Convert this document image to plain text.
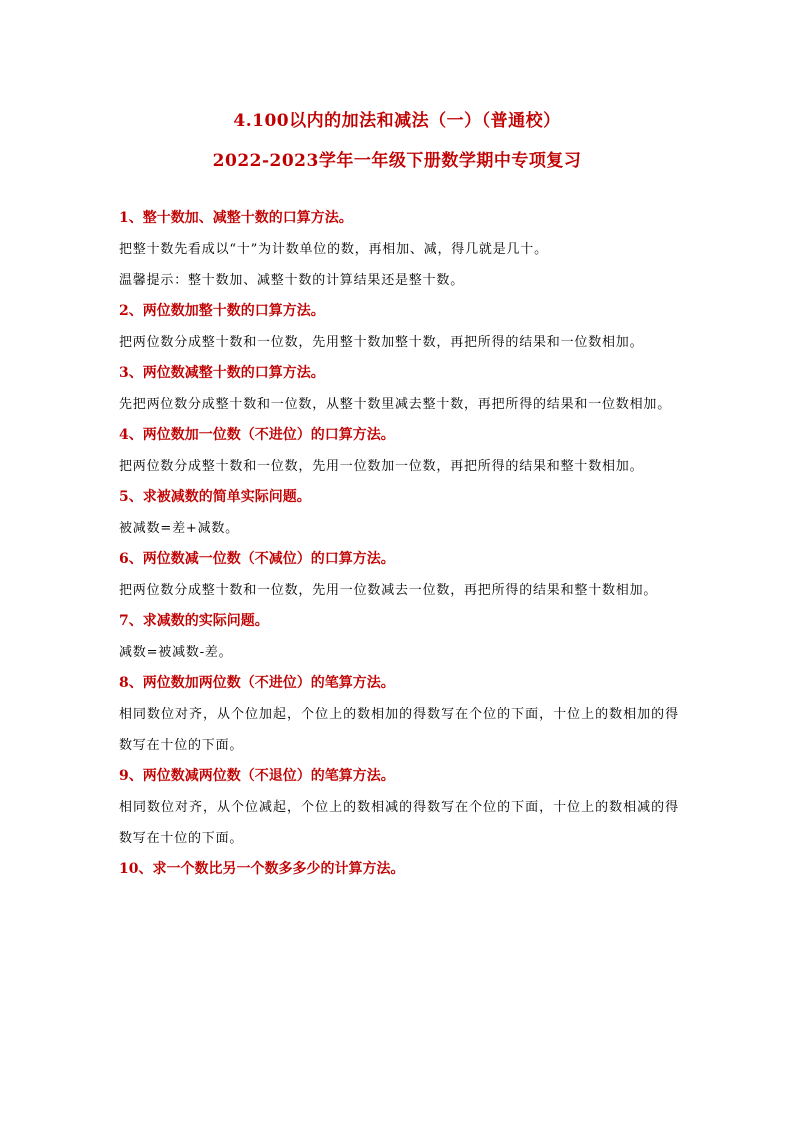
4.100以内的加法和减法（一）（普通校）
2022-2023学年一年级下册数学期中专项复习
1、整十数加、减整十数的口算方法。
把整十数先看成以“十”为计数单位的数，再相加、减，得几就是几十。
温馨提示：整十数加、减整十数的计算结果还是整十数。
2、两位数加整十数的口算方法。
把两位数分成整十数和一位数，先用整十数加整十数，再把所得的结果和一位数相加。
3、两位数减整十数的口算方法。
先把两位数分成整十数和一位数，从整十数里减去整十数，再把所得的结果和一位数相加。
4、两位数加一位数（不进位）的口算方法。
把两位数分成整十数和一位数，先用一位数加一位数，再把所得的结果和整十数相加。
5、求被减数的简单实际问题。
被减数=差+减数。
6、两位数减一位数（不减位）的口算方法。
把两位数分成整十数和一位数，先用一位数减去一位数，再把所得的结果和整十数相加。
7、求减数的实际问题。
减数=被减数-差。
8、两位数加两位数（不进位）的笔算方法。
相同数位对齐，从个位加起，个位上的数相加的得数写在个位的下面，十位上的数相加的得数写在十位的下面。
9、两位数减两位数（不退位）的笔算方法。
相同数位对齐，从个位减起，个位上的数相减的得数写在个位的下面，十位上的数相减的得数写在十位的下面。
10、求一个数比另一个数多多少的计算方法。
